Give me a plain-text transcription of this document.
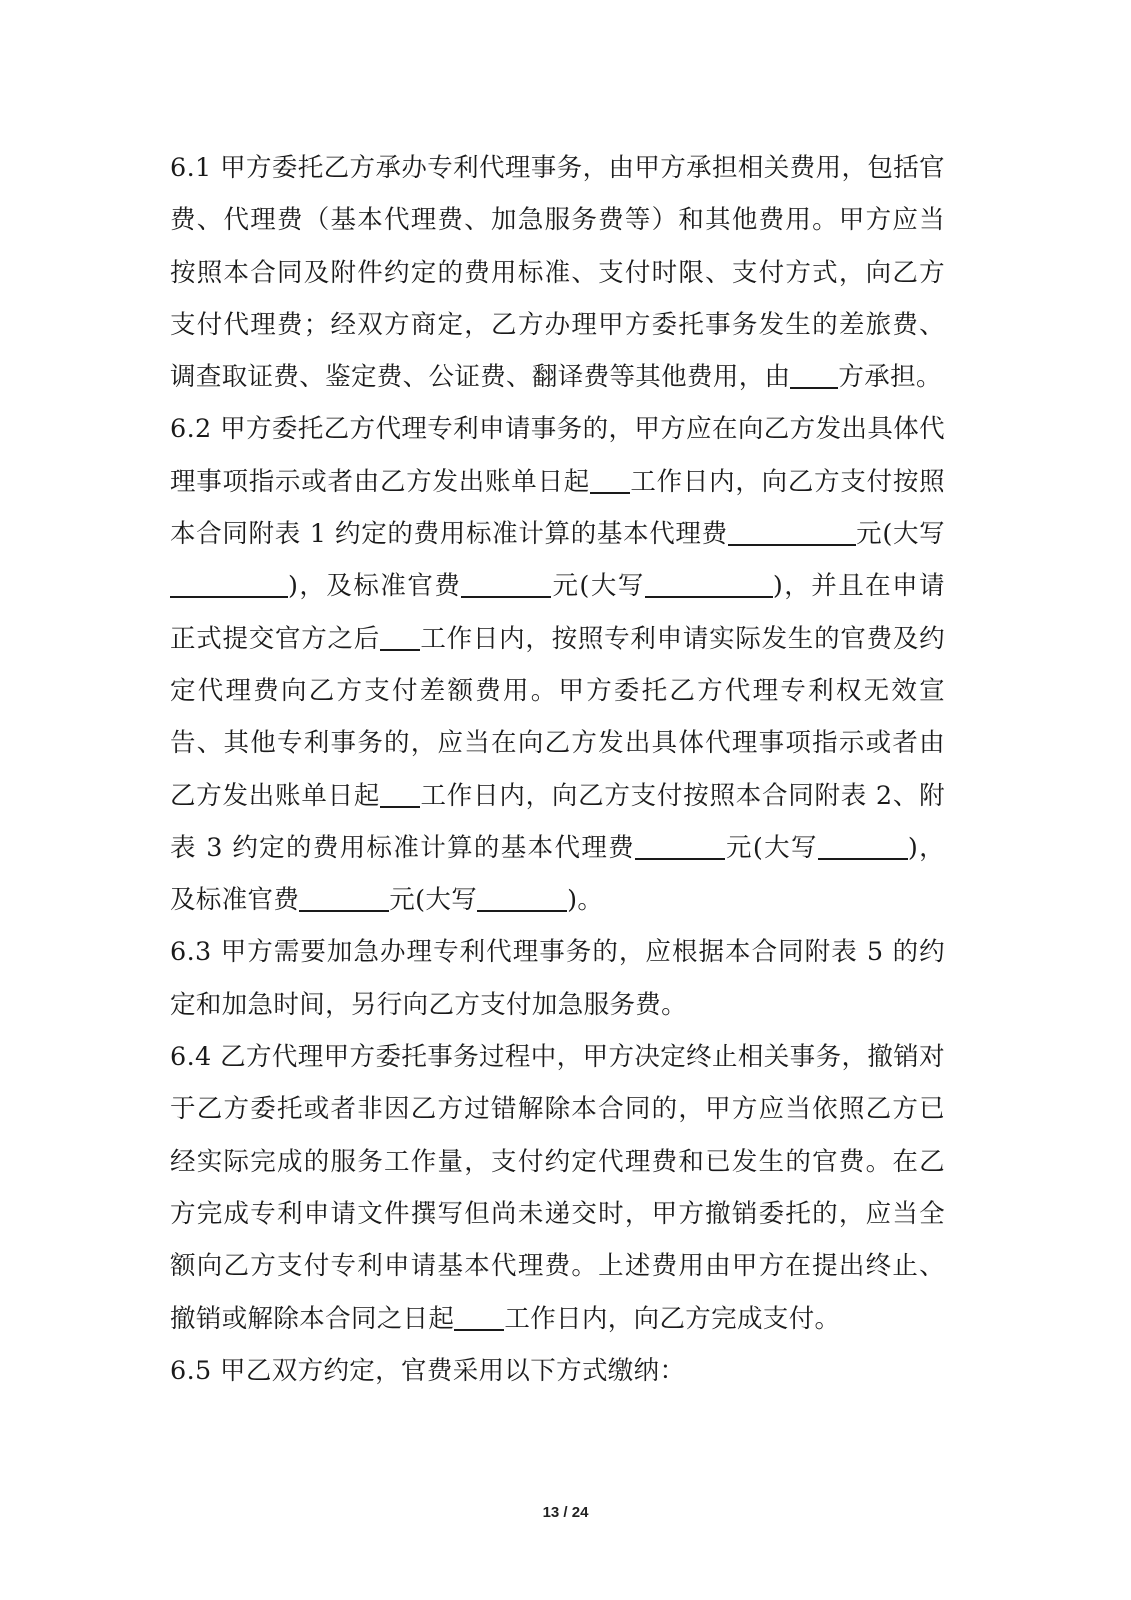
6.1 甲方委托乙方承办专利代理事务，由甲方承担相关费用，包括官费、代理费（基本代理费、加急服务费等）和其他费用。甲方应当按照本合同及附件约定的费用标准、支付时限、支付方式，向乙方支付代理费；经双方商定，乙方办理甲方委托事务发生的差旅费、调查取证费、鉴定费、公证费、翻译费等其他费用，由 方承担。

6.2 甲方委托乙方代理专利申请事务的，甲方应在向乙方发出具体代理事项指示或者由乙方发出账单日起 工作日内，向乙方支付按照本合同附表 1 约定的费用标准计算的基本代理费	元(大写)，及标准官费	元(大写	)，并且在申请正式提交官方之后 工作日内，按照专利申请实际发生的官费及约定代理费向乙方支付差额费用。甲方委托乙方代理专利权无效宣告、其他专利事务的，应当在向乙方发出具体代理事项指示或者由乙方发出账单日起 工作日内，向乙方支付按照本合同附表 2、附表 3 约定的费用标准计算的基本代理费	元(大写	)，及标准官费	元(大写	)。

6.3 甲方需要加急办理专利代理事务的，应根据本合同附表 5 的约定和加急时间，另行向乙方支付加急服务费。

6.4 乙方代理甲方委托事务过程中，甲方决定终止相关事务，撤销对于乙方委托或者非因乙方过错解除本合同的，甲方应当依照乙方已经实际完成的服务工作量，支付约定代理费和已发生的官费。在乙方完成专利申请文件撰写但尚未递交时，甲方撤销委托的，应当全额向乙方支付专利申请基本代理费。上述费用由甲方在提出终止、撤销或解除本合同之日起 工作日内，向乙方完成支付。

6.5 甲乙双方约定，官费采用以下方式缴纳：

13 / 24
